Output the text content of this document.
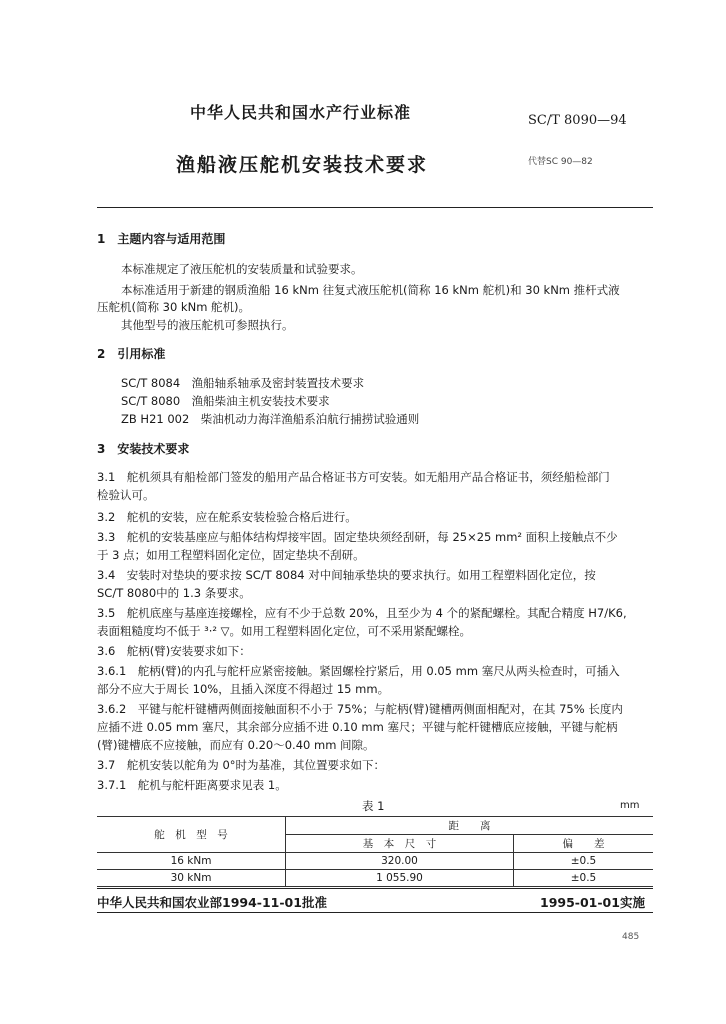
中华人民共和国水产行业标准	SC/T 8090—94
渔船液压舵机安装技术要求	代替SC 90—82
1　主题内容与适用范围
本标准规定了液压舵机的安装质量和试验要求。
本标准适用于新建的钢质渔船 16 kNm 往复式液压舵机(简称 16 kNm 舵机)和 30 kNm 推杆式液
压舵机(简称 30 kNm 舵机)。
其他型号的液压舵机可参照执行。
2　引用标准
SC/T 8084　渔船轴系轴承及密封装置技术要求
SC/T 8080　渔船柴油主机安装技术要求
ZB H21 002　柴油机动力海洋渔船系泊航行捕捞试验通则
3　安装技术要求
3.1　舵机须具有船检部门签发的船用产品合格证书方可安装。如无船用产品合格证书，须经船检部门
检验认可。
3.2　舵机的安装，应在舵系安装检验合格后进行。
3.3　舵机的安装基座应与船体结构焊接牢固。固定垫块须经刮研，每 25×25 mm² 面积上接触点不少
于 3 点；如用工程塑料固化定位，固定垫块不刮研。
3.4　安装时对垫块的要求按 SC/T 8084 对中间轴承垫块的要求执行。如用工程塑料固化定位，按
SC/T 8080中的 1.3 条要求。
3.5　舵机底座与基座连接螺栓，应有不少于总数 20%，且至少为 4 个的紧配螺栓。其配合精度 H7/K6,
表面粗糙度均不低于 ³·² ▽。如用工程塑料固化定位，可不采用紧配螺栓。
3.6　舵柄(臂)安装要求如下：
3.6.1　舵柄(臂)的内孔与舵杆应紧密接触。紧固螺栓拧紧后，用 0.05 mm 塞尺从两头检查时，可插入
部分不应大于周长 10%，且插入深度不得超过 15 mm。
3.6.2　平键与舵杆键槽两侧面接触面积不小于 75%；与舵柄(臂)键槽两侧面相配对，在其 75% 长度内
应插不进 0.05 mm 塞尺，其余部分应插不进 0.10 mm 塞尺；平键与舵杆键槽底应接触，平键与舵柄
(臂)键槽底不应接触，而应有 0.20～0.40 mm 间隙。
3.7　舵机安装以舵角为 0°时为基准，其位置要求如下：
3.7.1　舵机与舵杆距离要求见表 1。
表 1	mm
舵　机　型　号	距　　离	
	基　本　尺　寸	偏　　差
16 kNm	320.00	±0.5
30 kNm	1 055.90	±0.5
中华人民共和国农业部1994-11-01批准	1995-01-01实施
485
